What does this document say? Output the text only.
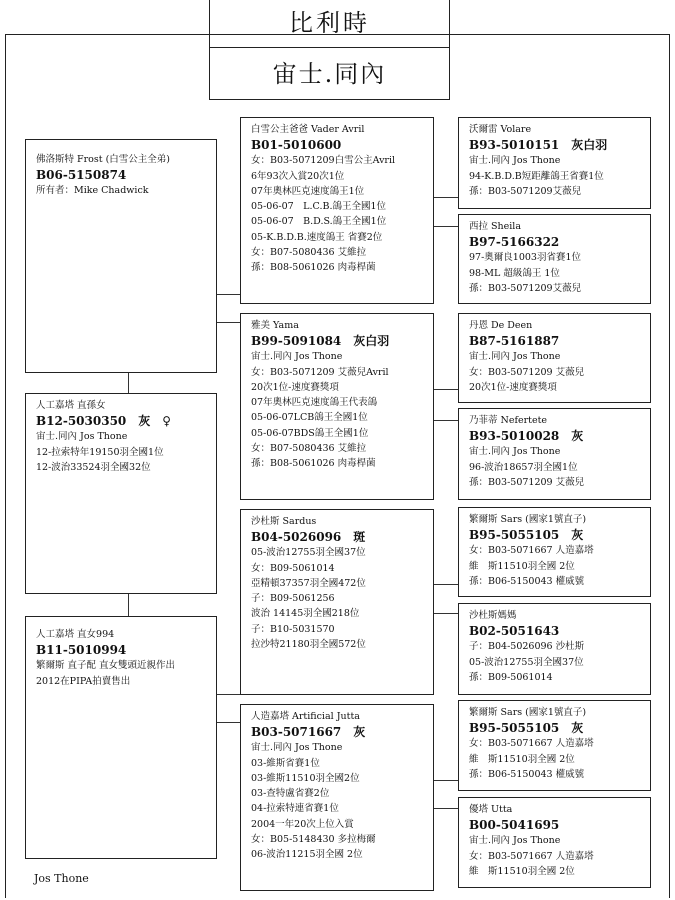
比利時
宙士.同內
佛洛斯特 Frost (白雪公主全弟)
B06-5150874
所有者：Mike Chadwick
人工嘉塔 直孫女
B12-5030350　灰　♀
宙士.同內 Jos Thone
12-拉索特年19150羽全國1位
12-波治33524羽全國32位
人工嘉塔 直女994
B11-5010994
繁爾斯 直子配 直女雙頭近親作出
2012在PIPA拍賣售出
白雪公主爸爸 Vader Avril
B01-5010600
女：B03-5071209白雪公主Avril
6年93次入賞20次1位
07年奧林匹克速度鴿王1位
05-06-07　L.C.B.鴿王全國1位
05-06-07　B.D.S.鴿王全國1位
05-K.B.D.B.速度鴿王 省賽2位
女：B07-5080436 艾維拉
孫：B08-5061026 肉毒桿菌
雅美 Yama
B99-5091084　灰白羽
宙士.同內 Jos Thone
女：B03-5071209 艾薇兒Avril
20次1位-速度賽獎項
07年奧林匹克速度鴿王代表鴿
05-06-07LCB鴿王全國1位
05-06-07BDS鴿王全國1位
女：B07-5080436 艾維拉
孫：B08-5061026 肉毒桿菌
沙杜斯 Sardus
B04-5026096　斑
05-波治12755羽全國37位
女：B09-5061014
亞精頓37357羽全國472位
子：B09-5061256
波治 14145羽全國218位
子：B10-5031570
拉沙特21180羽全國572位
人造嘉塔 Artificial Jutta
B03-5071667　灰
宙士.同內 Jos Thone
03-維斯省賽1位
03-維斯11510羽全國2位
03-查特盧省賽2位
04-拉索特連省賽1位
2004一年20次上位入賞
女：B05-5148430 多拉梅爾
06-波治11215羽全國 2位
沃爾雷 Volare
B93-5010151　灰白羽
宙士.同內 Jos Thone
94-K.B.D.B短距離鴿王省賽1位
孫：B03-5071209艾薇兒
西拉 Sheila
B97-5166322
97-奧爾良1003羽省賽1位
98-ML 超級鴿王 1位
孫：B03-5071209艾薇兒
丹恩 De Deen
B87-5161887
宙士.同內 Jos Thone
女：B03-5071209 艾薇兒
20次1位-速度賽獎項
乃菲蒂 Nefertete
B93-5010028　灰
宙士.同內 Jos Thone
96-波治18657羽全國1位
孫：B03-5071209 艾薇兒
繁爾斯 Sars (國家1號直子)
B95-5055105　灰
女：B03-5071667 人造嘉塔
維　斯11510羽全國 2位
孫：B06-5150043 權威號
沙杜斯媽媽
B02-5051643
子：B04-5026096 沙杜斯
05-波治12755羽全國37位
孫：B09-5061014
繁爾斯 Sars (國家1號直子)
B95-5055105　灰
女：B03-5071667 人造嘉塔
維　斯11510羽全國 2位
孫：B06-5150043 權威號
優塔 Utta
B00-5041695
宙士.同內 Jos Thone
女：B03-5071667 人造嘉塔
維　斯11510羽全國 2位
Jos Thone
